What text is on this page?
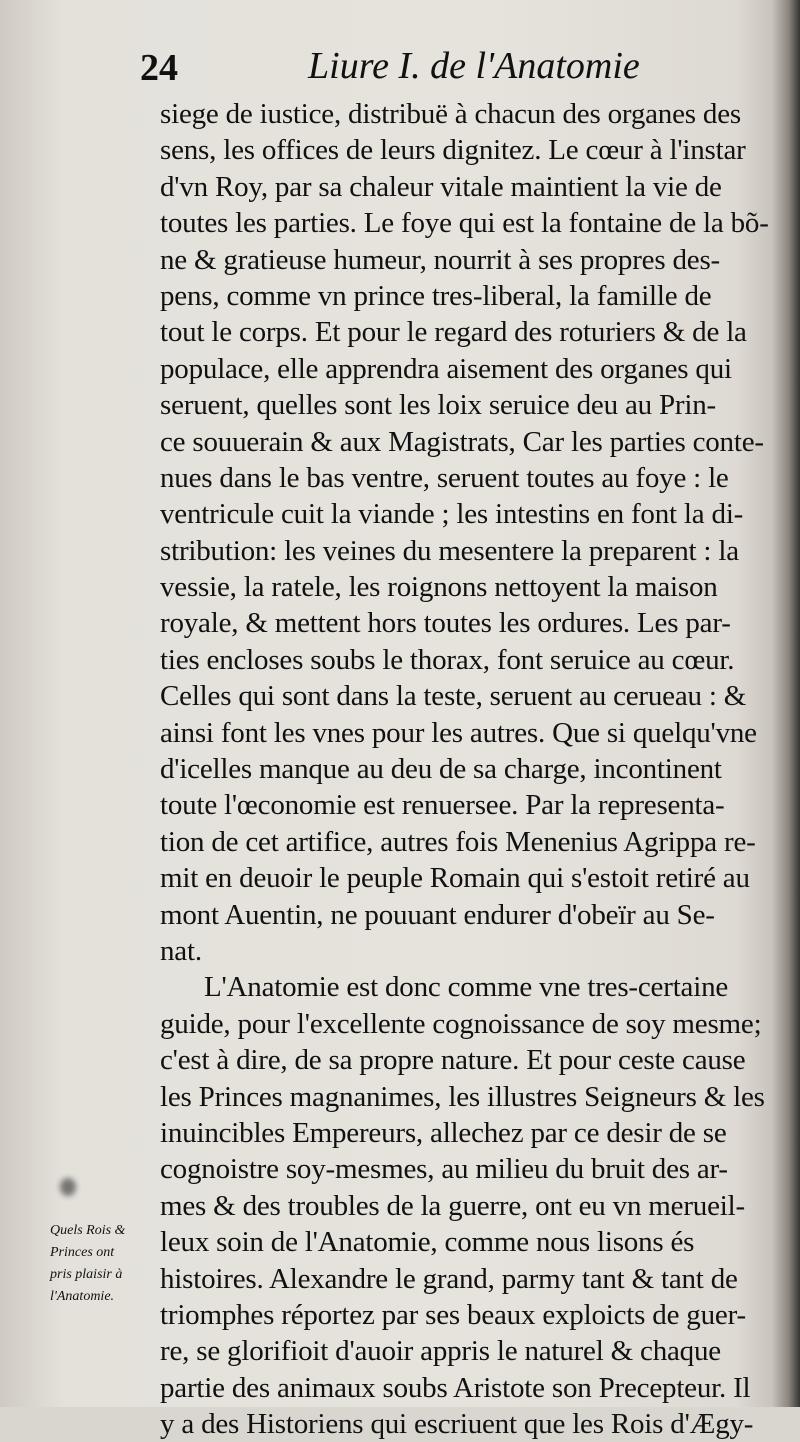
24	Liure I. de l'Anatomie
siege de iustice, distribuë à chacun des organes des
sens, les offices de leurs dignitez. Le cœur à l'instar
d'vn Roy, par sa chaleur vitale maintient la vie de
toutes les parties. Le foye qui est la fontaine de la bõ-
ne & gratieuse humeur, nourrit à ses propres des-
pens, comme vn prince tres-liberal, la famille de
tout le corps. Et pour le regard des roturiers & de la
populace, elle apprendra aisement des organes qui
seruent, quelles sont les loix seruice deu au Prin-
ce souuerain & aux Magistrats, Car les parties conte-
nues dans le bas ventre, seruent toutes au foye : le
ventricule cuit la viande ; les intestins en font la di-
stribution: les veines du mesentere la preparent : la
vessie, la ratele, les roignons nettoyent la maison
royale, & mettent hors toutes les ordures. Les par-
ties encloses soubs le thorax, font seruice au cœur.
Celles qui sont dans la teste, seruent au cerueau : &
ainsi font les vnes pour les autres. Que si quelqu'vne
d'icelles manque au deu de sa charge, incontinent
toute l'œconomie est renuersee. Par la representa-
tion de cet artifice, autres fois Menenius Agrippa re-
mit en deuoir le peuple Romain qui s'estoit retiré au
mont Auentin, ne pouuant endurer d'obeïr au Se-
nat.
L'Anatomie est donc comme vne tres-certaine
guide, pour l'excellente cognoissance de soy mesme;
c'est à dire, de sa propre nature. Et pour ceste cause
les Princes magnanimes, les illustres Seigneurs & les
inuincibles Empereurs, allechez par ce desir de se
cognoistre soy-mesmes, au milieu du bruit des ar-
mes & des troubles de la guerre, ont eu vn merueil-
leux soin de l'Anatomie, comme nous lisons és
histoires. Alexandre le grand, parmy tant & tant de
triomphes réportez par ses beaux exploicts de guer-
re, se glorifioit d'auoir appris le naturel & chaque
partie des animaux soubs Aristote son Precepteur. Il
y a des Historiens qui escriuent que les Rois d'Ægy-
Quels Rois &
Princes ont
pris plaisir à
l'Anatomie.
